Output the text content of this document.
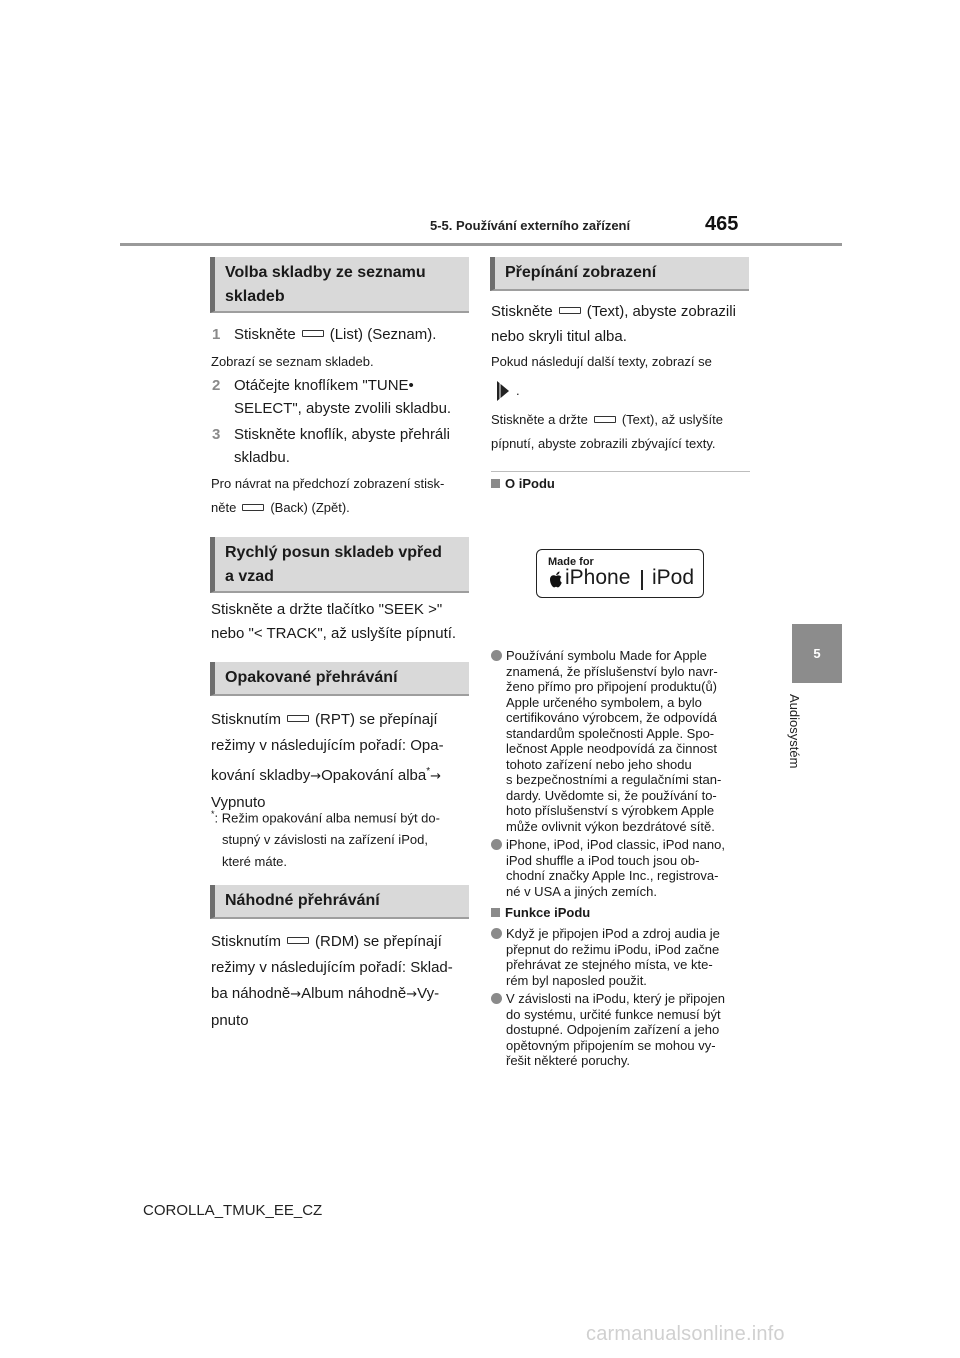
5-5. Používání externího zařízení	465
5
Audiosystém
Volba skladby ze seznamu
skladeb
1 Stiskněte (List) (Seznam).
Zobrazí se seznam skladeb.
2 Otáčejte knoflíkem "TUNE•
SELECT", abyste zvolili skladbu.
3 Stiskněte knoflík, abyste přehráli
skladbu.
Pro návrat na předchozí zobrazení stisk-
něte	(Back) (Zpět).
Rychlý posun skladeb vpřed
a vzad
Stiskněte a držte tlačítko "SEEK >"
nebo "< TRACK", až uslyšíte pípnutí.
Opakované přehrávání
Stisknutím (RPT) se přepínají
režimy v následujícím pořadí: Opa-
kování skladby→Opakování alba*→
Vypnuto
*: Režim opakování alba nemusí být do-
stupný v závislosti na zařízení iPod,
které máte.
Náhodné přehrávání
Stisknutím (RDM) se přepínají
režimy v následujícím pořadí: Sklad-
ba náhodně→Album náhodně→Vy-
pnuto
Přepínání zobrazení
Stiskněte (Text), abyste zobrazili
nebo skryli titul alba.
Pokud následují další texty, zobrazí se
.
Stiskněte a držte	(Text), až uslyšíte
pípnutí, abyste zobrazili zbývající texty.
O iPodu
Made for
iPhone iPod
Používání symbolu Made for Apple
znamená, že příslušenství bylo navr-
ženo přímo pro připojení produktu(ů)
Apple určeného symbolem, a bylo
certifikováno výrobcem, že odpovídá
standardům společnosti Apple. Spo-
lečnost Apple neodpovídá za činnost
tohoto zařízení nebo jeho shodu
s bezpečnostními a regulačními stan-
dardy. Uvědomte si, že používání to-
hoto příslušenství s výrobkem Apple
může ovlivnit výkon bezdrátové sítě.
iPhone, iPod, iPod classic, iPod nano,
iPod shuffle a iPod touch jsou ob-
chodní značky Apple Inc., registrova-
né v USA a jiných zemích.
Funkce iPodu
Když je připojen iPod a zdroj audia je
přepnut do režimu iPodu, iPod začne
přehrávat ze stejného místa, ve kte-
rém byl naposled použit.
V závislosti na iPodu, který je připojen
do systému, určité funkce nemusí být
dostupné. Odpojením zařízení a jeho
opětovným připojením se mohou vy-
řešit některé poruchy.
COROLLA_TMUK_EE_CZ
carmanualsonline.info
